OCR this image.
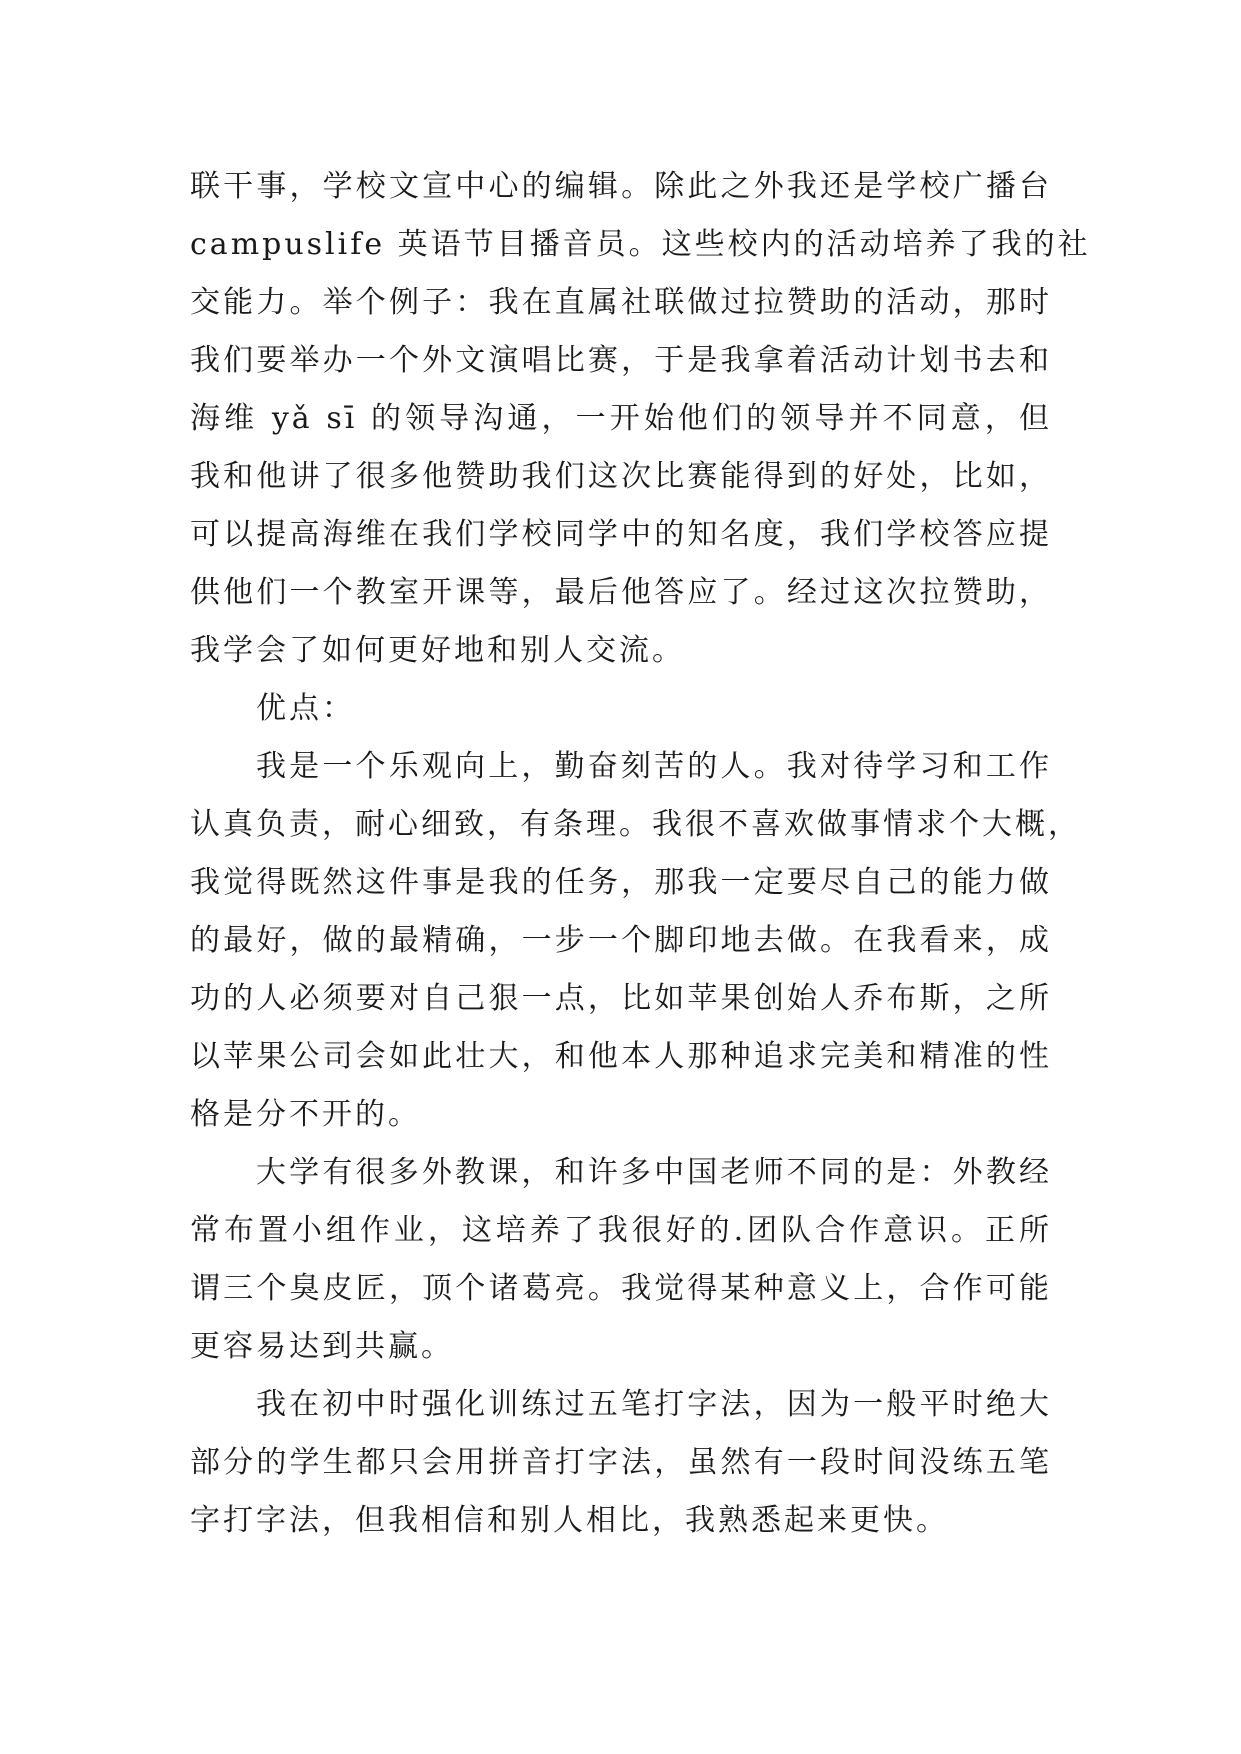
联干事，学校文宣中心的编辑。除此之外我还是学校广播台
campuslife 英语节目播音员。这些校内的活动培养了我的社
交能力。举个例子：我在直属社联做过拉赞助的活动，那时
我们要举办一个外文演唱比赛，于是我拿着活动计划书去和
海维 yǎ sī 的领导沟通，一开始他们的领导并不同意，但
我和他讲了很多他赞助我们这次比赛能得到的好处，比如，
可以提高海维在我们学校同学中的知名度，我们学校答应提
供他们一个教室开课等，最后他答应了。经过这次拉赞助，
我学会了如何更好地和别人交流。
优点：
我是一个乐观向上，勤奋刻苦的人。我对待学习和工作
认真负责，耐心细致，有条理。我很不喜欢做事情求个大概，
我觉得既然这件事是我的任务，那我一定要尽自己的能力做
的最好，做的最精确，一步一个脚印地去做。在我看来，成
功的人必须要对自己狠一点，比如苹果创始人乔布斯，之所
以苹果公司会如此壮大，和他本人那种追求完美和精准的性
格是分不开的。
大学有很多外教课，和许多中国老师不同的是：外教经
常布置小组作业，这培养了我很好的.团队合作意识。正所
谓三个臭皮匠，顶个诸葛亮。我觉得某种意义上，合作可能
更容易达到共赢。
我在初中时强化训练过五笔打字法，因为一般平时绝大
部分的学生都只会用拼音打字法，虽然有一段时间没练五笔
字打字法，但我相信和别人相比，我熟悉起来更快。
